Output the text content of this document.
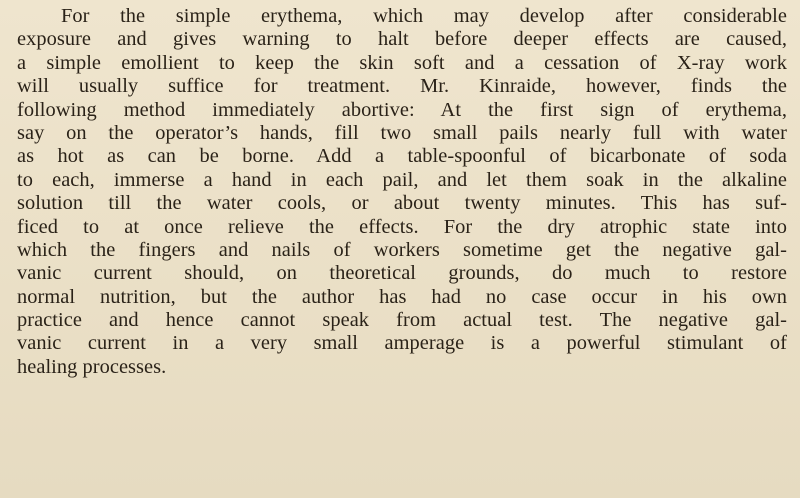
For the simple erythema, which may develop after considerable
exposure and gives warning to halt before deeper effects are caused,
a simple emollient to keep the skin soft and a cessation of X-ray work
will usually suffice for treatment. Mr. Kinraide, however, finds the
following method immediately abortive: At the first sign of erythema,
say on the operator’s hands, fill two small pails nearly full with water
as hot as can be borne. Add a table-spoonful of bicarbonate of soda
to each, immerse a hand in each pail, and let them soak in the alkaline
solution till the water cools, or about twenty minutes. This has suf-
ficed to at once relieve the effects. For the dry atrophic state into
which the fingers and nails of workers sometime get the negative gal-
vanic current should, on theoretical grounds, do much to restore
normal nutrition, but the author has had no case occur in his own
practice and hence cannot speak from actual test. The negative gal-
vanic current in a very small amperage is a powerful stimulant of
healing processes.
